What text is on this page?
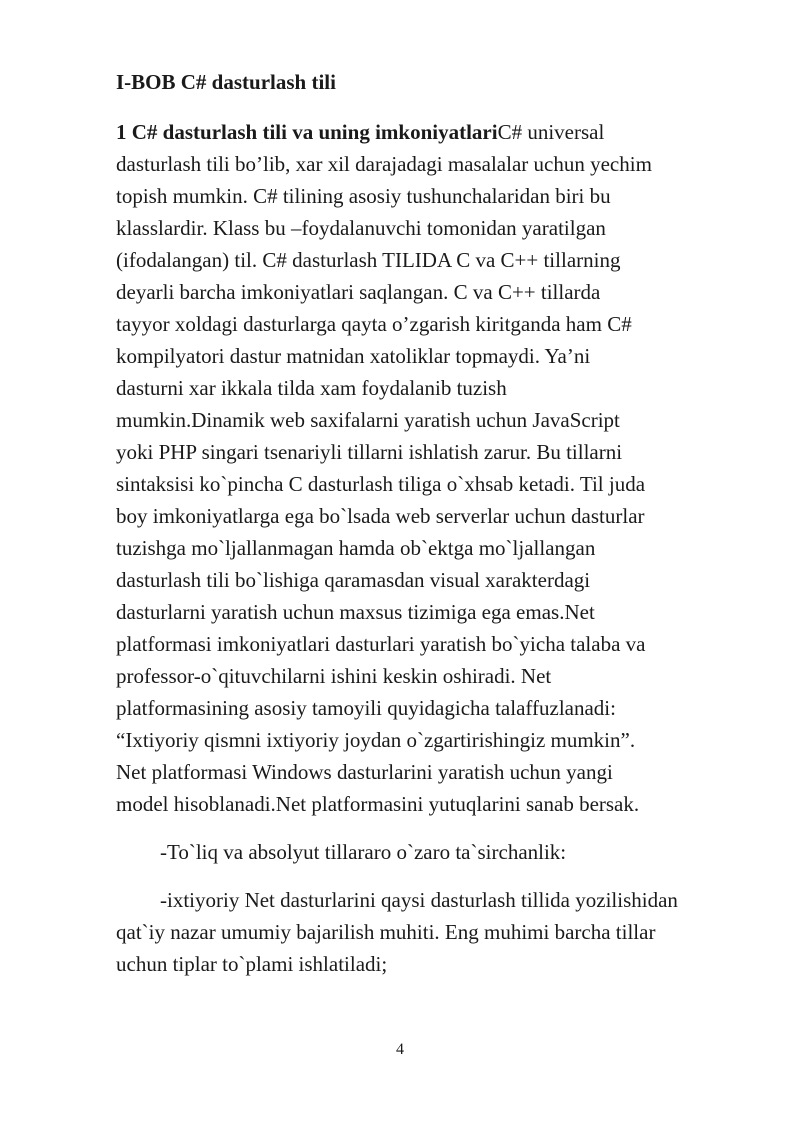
I-BOB C# dasturlash tili

1 C# dasturlash tili va uning imkoniyatlariC# universal
dasturlash tili bo’lib, xar xil darajadagi masalalar uchun yechim
topish mumkin. C# tilining asosiy tushunchalaridan biri bu
klasslardir. Klass bu –foydalanuvchi tomonidan yaratilgan
(ifodalangan) til. C# dasturlash TILIDA C va C++ tillarning
deyarli barcha imkoniyatlari saqlangan. C va C++ tillarda
tayyor xoldagi dasturlarga qayta o’zgarish kiritganda ham C#
kompilyatori dastur matnidan xatoliklar topmaydi. Ya’ni
dasturni xar ikkala tilda xam foydalanib tuzish
mumkin.Dinamik web saxifalarni yaratish uchun JavaScript
yoki PHP singari tsenariyli tillarni ishlatish zarur. Bu tillarni
sintaksisi ko`pincha C dasturlash tiliga o`xhsab ketadi. Til juda
boy imkoniyatlarga ega bo`lsada web serverlar uchun dasturlar
tuzishga mo`ljallanmagan hamda ob`ektga mo`ljallangan
dasturlash tili bo`lishiga qaramasdan visual xarakterdagi
dasturlarni yaratish uchun maxsus tizimiga ega emas.Net
platformasi imkoniyatlari dasturlari yaratish bo`yicha talaba va
professor-o`qituvchilarni ishini keskin oshiradi. Net
platformasining asosiy tamoyili quyidagicha talaffuzlanadi:
“Ixtiyoriy qismni ixtiyoriy joydan o`zgartirishingiz mumkin”.
Net platformasi Windows dasturlarini yaratish uchun yangi
model hisoblanadi.Net platformasini yutuqlarini sanab bersak.

-To`liq va absolyut tillararo o`zaro ta`sirchanlik:

-ixtiyoriy Net dasturlarini qaysi dasturlash tillida yozilishidan
qat`iy nazar umumiy bajarilish muhiti. Eng muhimi barcha tillar
uchun tiplar to`plami ishlatiladi;

4
